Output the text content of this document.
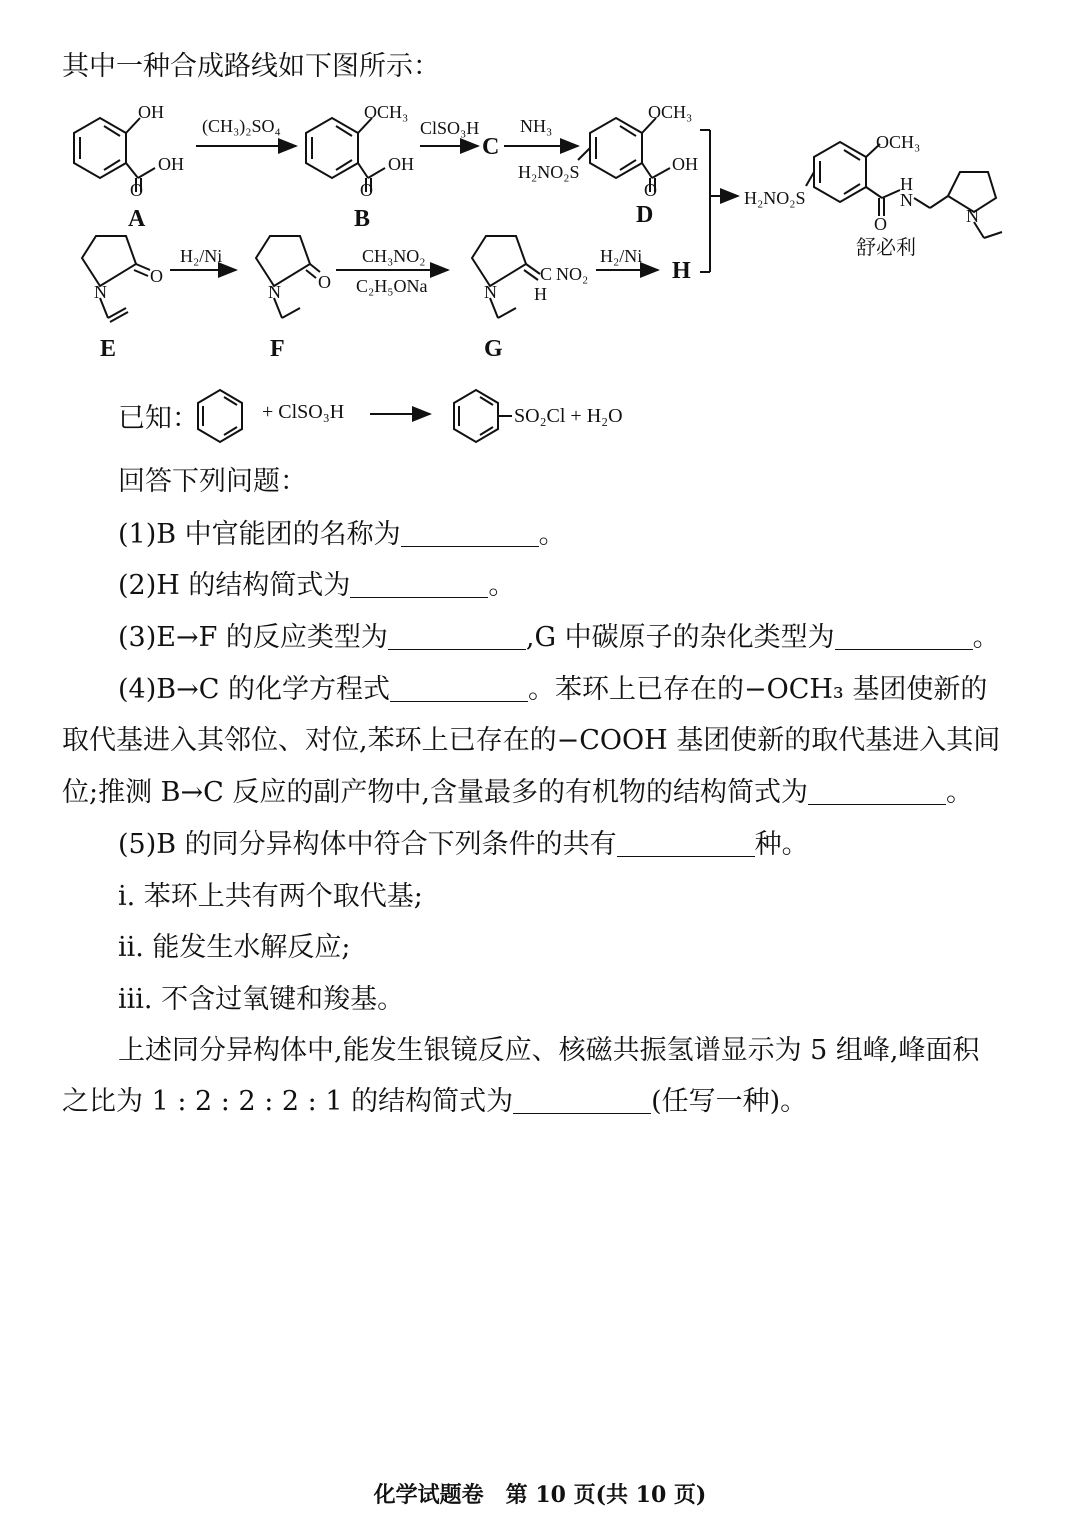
其中一种合成路线如下图所示：
OH
OH
O
(CH₃)₂SO₄
OCH₃
OH
O
ClSO₃H NH₃
OCH₃
OH
O
H₂NO₂S
H₂NO₂S
OCH₃
O
H
N
N
N
O
H₂/Ni
N O
CH₃NO₂
C₂H₅ONa	N
C
H
NO₂
H₂/Ni	舒必利
A	B
C
D
E	F	G
H
已知：	+ ClSO₃H	SO₂Cl + H₂O
回答下列问题：
(1)B 中官能团的名称为	。
(2)H 的结构简式为	。
(3)E→F 的反应类型为	,G 中碳原子的杂化类型为	。
(4)B→C 的化学方程式	。苯环上已存在的−OCH₃ 基团使新的
取代基进入其邻位、对位,苯环上已存在的−COOH 基团使新的取代基进入其间
位;推测 B→C 反应的副产物中,含量最多的有机物的结构简式为	。
(5)B 的同分异构体中符合下列条件的共有	种。
ⅰ. 苯环上共有两个取代基;
ⅱ. 能发生水解反应;
ⅲ. 不含过氧键和羧基。
上述同分异构体中,能发生银镜反应、核磁共振氢谱显示为 5 组峰,峰面积
之比为 1 : 2 : 2 : 2 : 1 的结构简式为	(任写一种)。
化学试题卷　第 10 页(共 10 页)
